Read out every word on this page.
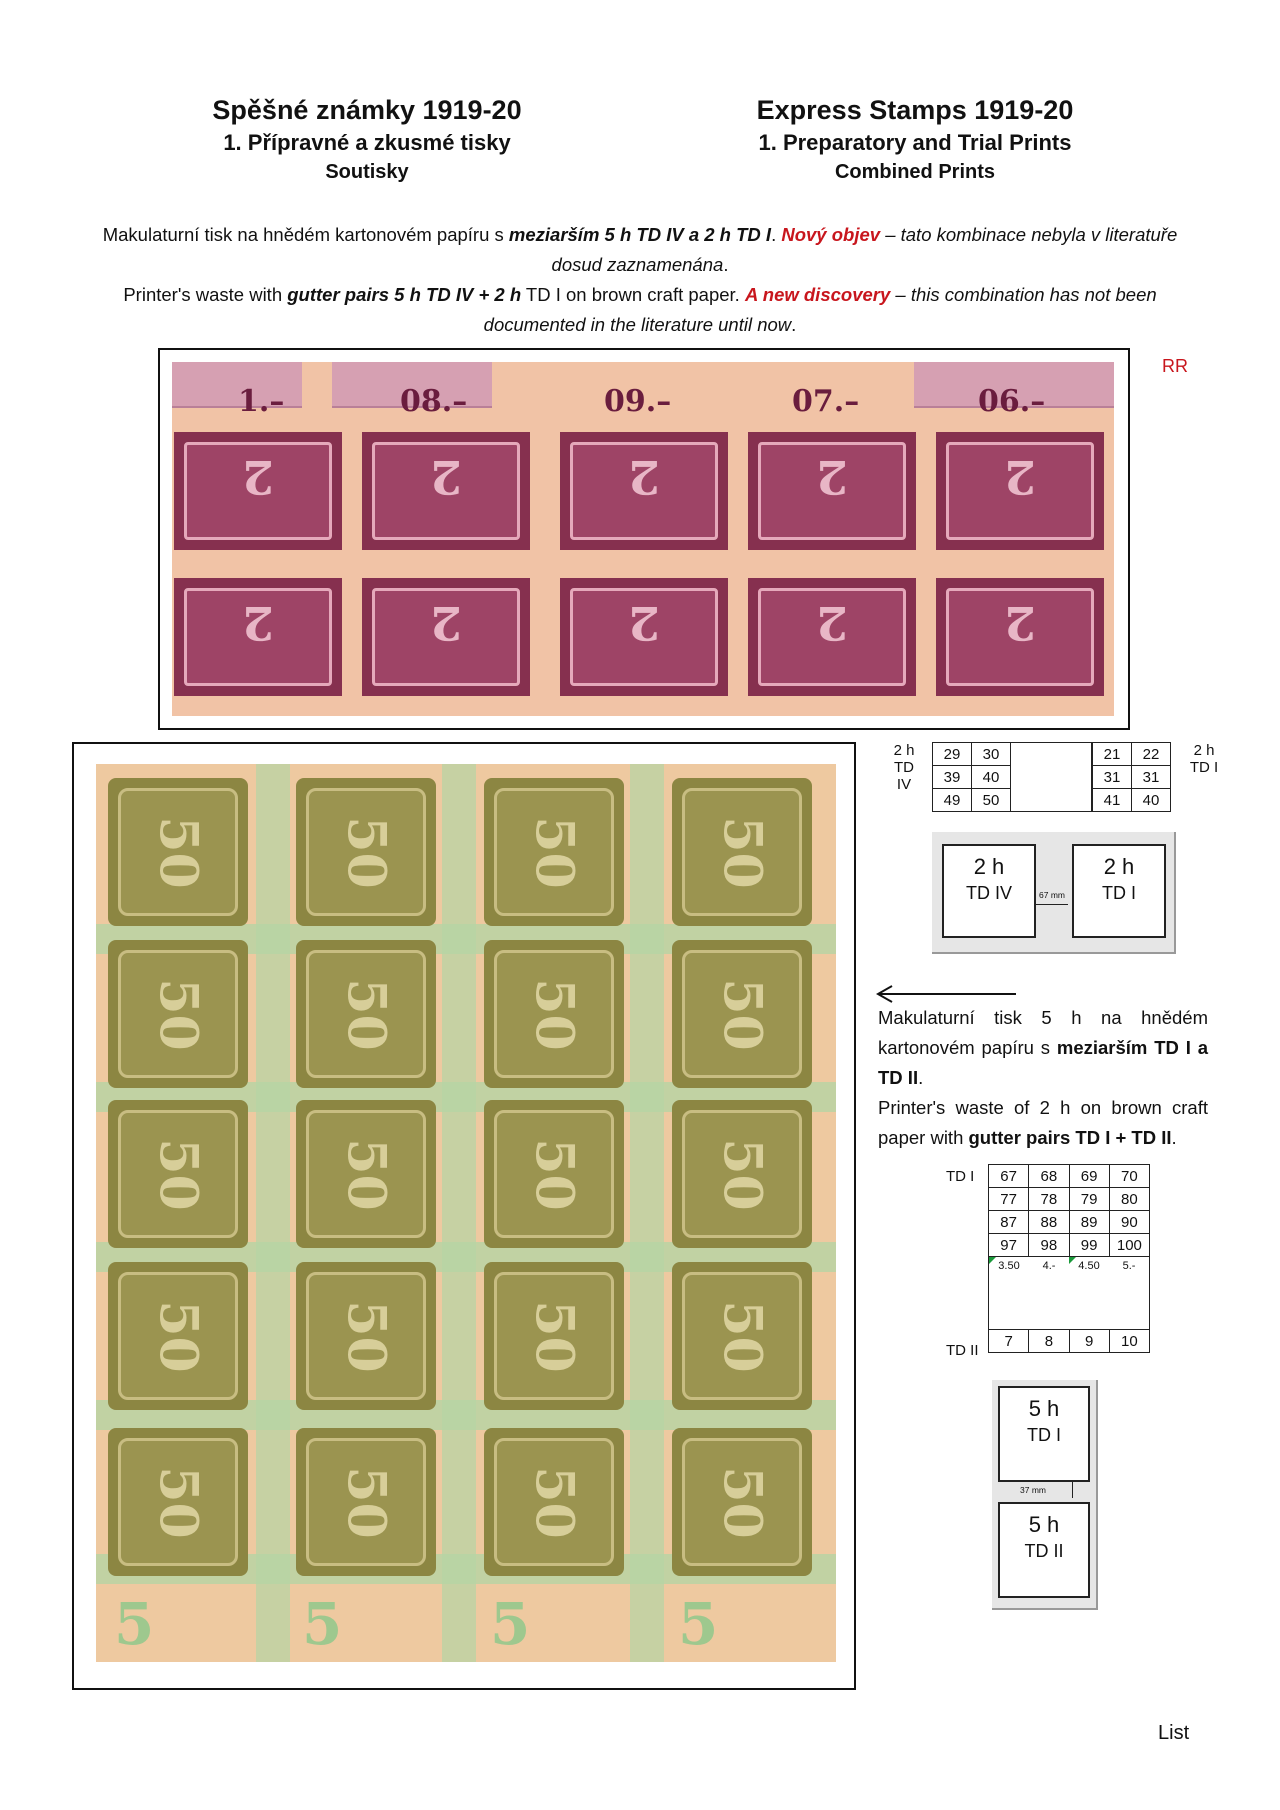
Spěšné známky 1919-20
1. Přípravné a zkusmé tisky
Soutisky
Express Stamps 1919-20
1. Preparatory and Trial Prints
Combined Prints
Makulaturní tisk na hnědém kartonovém papíru s meziarším 5 h TD IV a 2 h TD I. Nový objev – tato kombinace nebyla v literatuře dosud zaznamenána.
Printer's waste with gutter pairs 5 h TD IV + 2 h TD I on brown craft paper. A new discovery – this combination has not been documented in the literature until now.
RR
1.–	08.–	09.–	07.–	06.–
2
2
2
2
2
2
2
2
2
2
50
50
50
50
50
50
50
50
50
50
50
50
50
50
50
50
50
50
50
50
5	5	5	5
2 h
TD IV
29	30	
39	40	
49	50	
21	22
31	31
41	40
2 h
TD I
2 h
TD IV
2 h
TD I
67 mm
Makulaturní tisk 5 h na hnědém kartonovém papíru s meziarším TD I a TD II.
Printer's waste of 2 h on brown craft paper with gutter pairs TD I + TD II.
TD I 67	68	69	70
77	78	79	80
87	88	89	90
97	98	99	100

3.50 4.- 4.50 5.-			

7	8	9	10
TD II
5 h
TD I
37 mm
5 h
TD II
List
